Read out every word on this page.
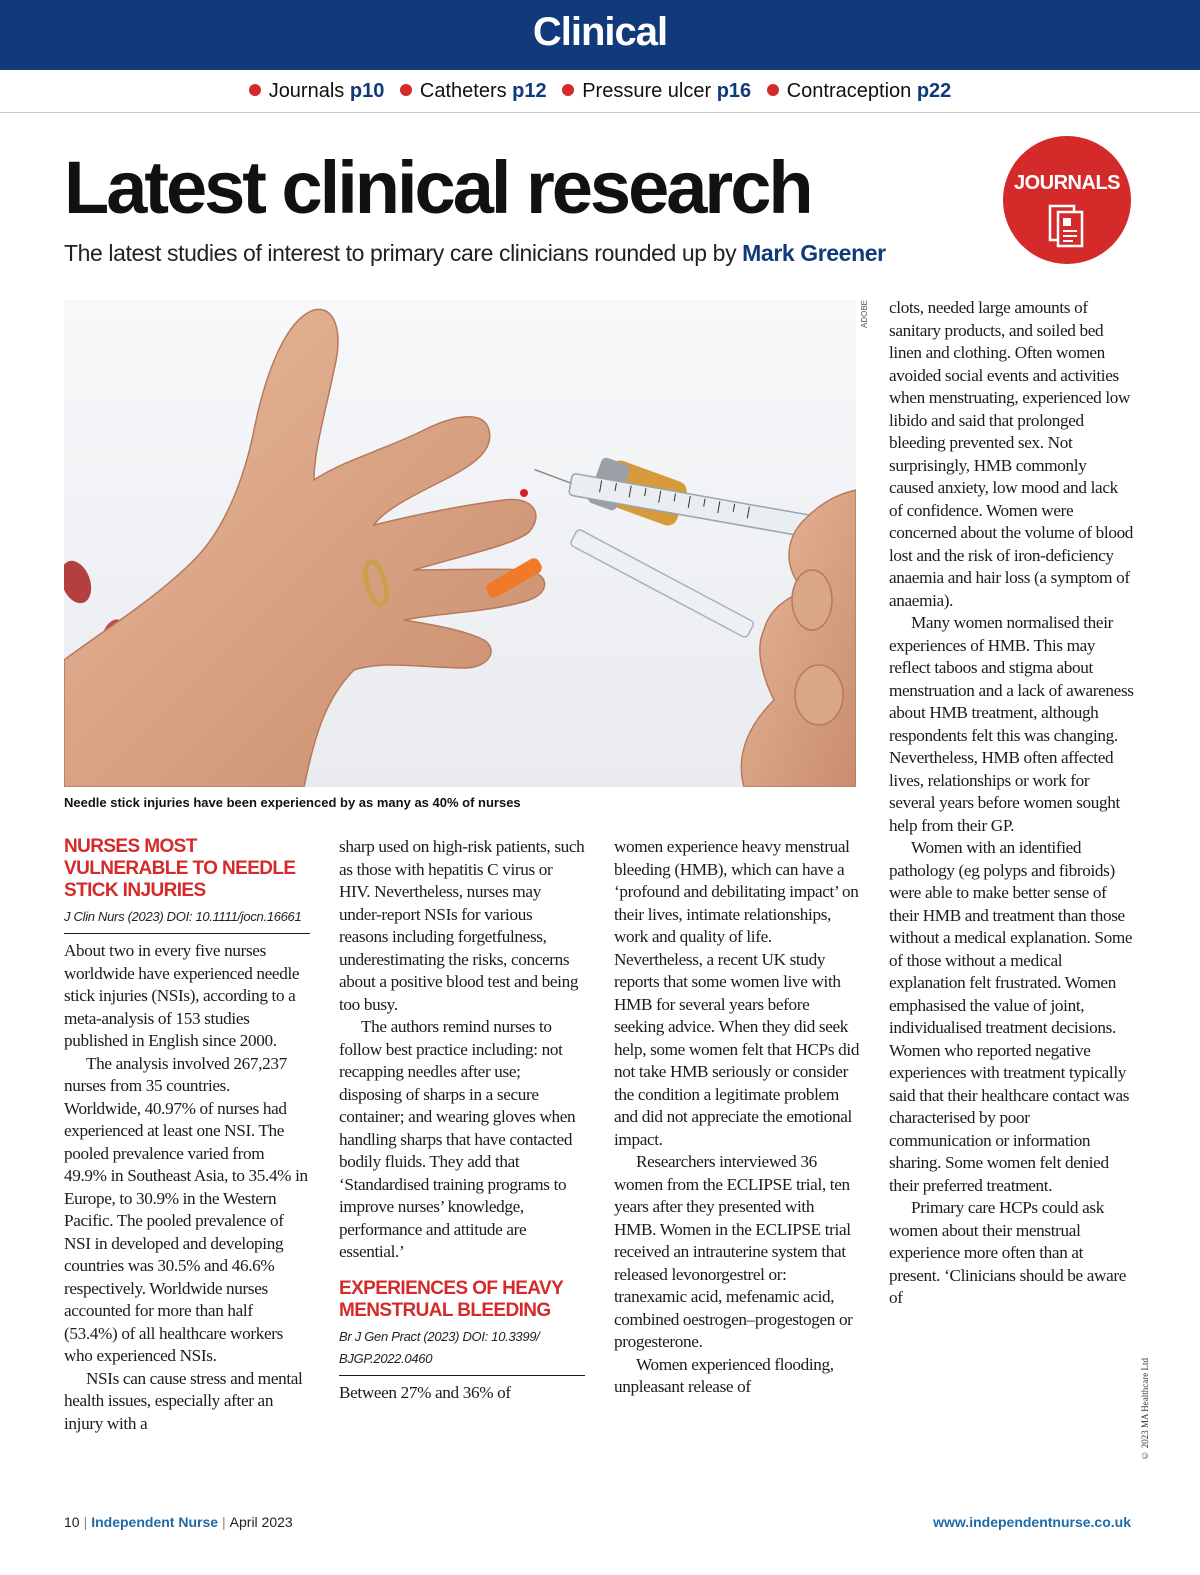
Clinical
Journals p10 Catheters p12 Pressure ulcer p16 Contraception p22
Latest clinical research
The latest studies of interest to primary care clinicians rounded up by Mark Greener
JOURNALS
ADOBE
Needle stick injuries have been experienced by as many as 40% of nurses
NURSES MOST VULNERABLE TO NEEDLE STICK INJURIES
J Clin Nurs (2023) DOI: 10.1111/jocn.16661

About two in every five nurses worldwide have experienced needle stick injuries (NSIs), according to a meta-analysis of 153 studies published in English since 2000.

The analysis involved 267,237 nurses from 35 countries. Worldwide, 40.97% of nurses had experienced at least one NSI. The pooled prevalence varied from 49.9% in Southeast Asia, to 35.4% in Europe, to 30.9% in the Western Pacific. The pooled prevalence of NSI in developed and developing countries was 30.5% and 46.6% respectively. Worldwide nurses accounted for more than half (53.4%) of all healthcare workers who experienced NSIs.

NSIs can cause stress and mental health issues, especially after an injury with a

sharp used on high-risk patients, such as those with hepatitis C virus or HIV. Nevertheless, nurses may under-report NSIs for various reasons including forgetfulness, underestimating the risks, concerns about a positive blood test and being too busy.

The authors remind nurses to follow best practice including: not recapping needles after use; disposing of sharps in a secure container; and wearing gloves when handling sharps that have contacted bodily fluids. They add that ‘Standardised training programs to improve nurses’ knowledge, performance and attitude are essential.’

EXPERIENCES OF HEAVY MENSTRUAL BLEEDING
Br J Gen Pract (2023) DOI: 10.3399/ BJGP.2022.0460

Between 27% and 36% of

women experience heavy menstrual bleeding (HMB), which can have a ‘profound and debilitating impact’ on their lives, intimate relationships, work and quality of life. Nevertheless, a recent UK study reports that some women live with HMB for several years before seeking advice. When they did seek help, some women felt that HCPs did not take HMB seriously or consider the condition a legitimate problem and did not appreciate the emotional impact.

Researchers interviewed 36 women from the ECLIPSE trial, ten years after they presented with HMB. Women in the ECLIPSE trial received an intrauterine system that released levonorgestrel or: tranexamic acid, mefenamic acid, combined oestrogen–progestogen or progesterone.

Women experienced flooding, unpleasant release of

clots, needed large amounts of sanitary products, and soiled bed linen and clothing. Often women avoided social events and activities when menstruating, experienced low libido and said that prolonged bleeding prevented sex. Not surprisingly, HMB commonly caused anxiety, low mood and lack of confidence. Women were concerned about the volume of blood lost and the risk of iron-deficiency anaemia and hair loss (a symptom of anaemia).

Many women normalised their experiences of HMB. This may reflect taboos and stigma about menstruation and a lack of awareness about HMB treatment, although respondents felt this was changing. Nevertheless, HMB often affected lives, relationships or work for several years before women sought help from their GP.

Women with an identified pathology (eg polyps and fibroids) were able to make better sense of their HMB and treatment than those without a medical explanation. Some of those without a medical explanation felt frustrated. Women emphasised the value of joint, individualised treatment decisions. Women who reported negative experiences with treatment typically said that their healthcare contact was characterised by poor communication or information sharing. Some women felt denied their preferred treatment.

Primary care HCPs could ask women about their menstrual experience more often than at present. ‘Clinicians should be aware of

© 2023 MA Healthcare Ltd
10 | Independent Nurse | April 2023	www.independentnurse.co.uk
